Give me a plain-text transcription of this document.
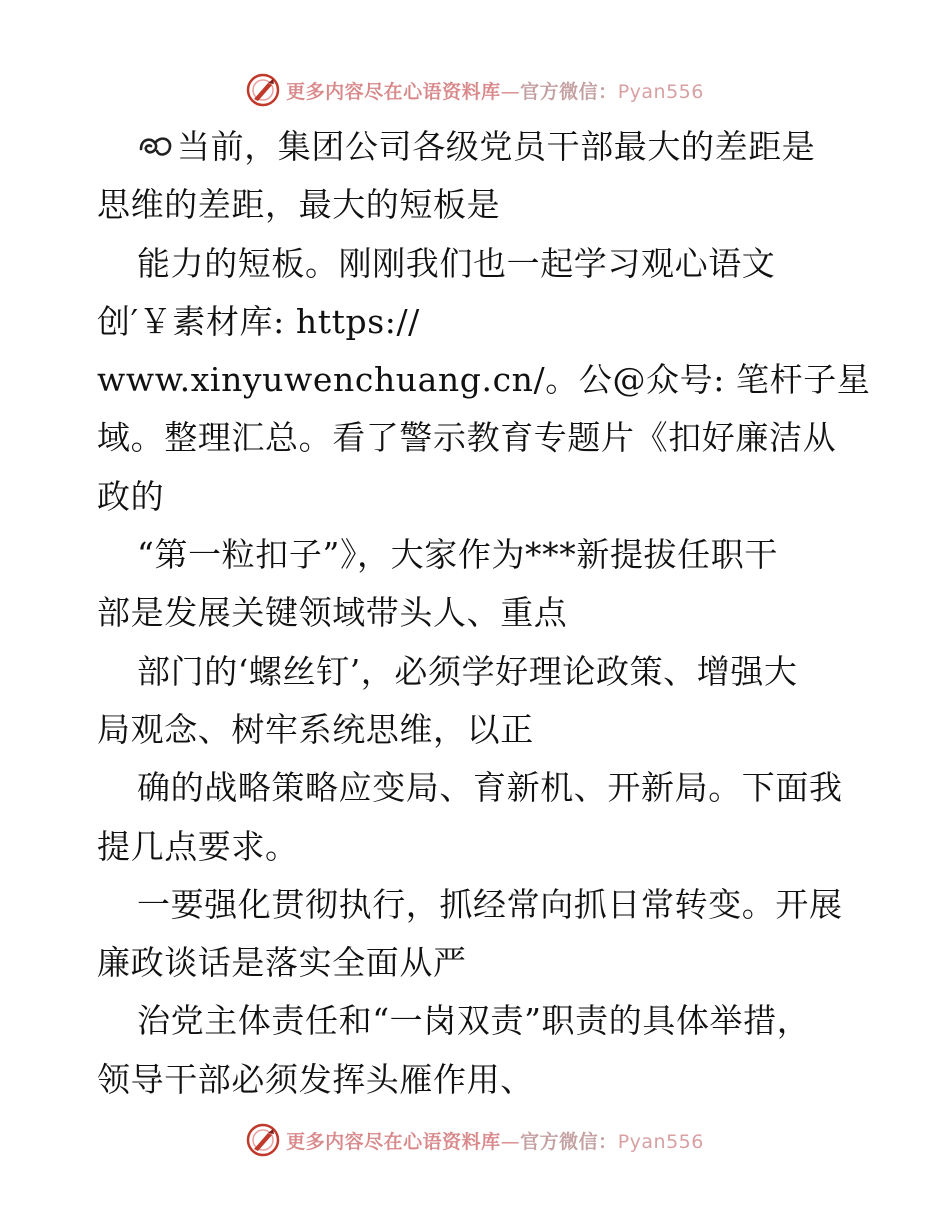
更多内容尽在心语资料库—官方微信：Pyan556
当前，集团公司各级党员干部最大的差距是
思维的差距，最大的短板是
能力的短板。刚刚我们也一起学习观心语文
创′￥素材库: https://
www.xinyuwenchuang.cn/。公@众号: 笔杆子星
域。整理汇总。看了警示教育专题片《扣好廉洁从
政的
“第一粒扣子”》，大家作为***新提拔任职干
部是发展关键领域带头人、重点
部门的‘螺丝钉’，必须学好理论政策、增强大
局观念、树牢系统思维，以正
确的战略策略应变局、育新机、开新局。下面我
提几点要求。
一要强化贯彻执行，抓经常向抓日常转变。开展
廉政谈话是落实全面从严
治党主体责任和“一岗双责”职责的具体举措，
领导干部必须发挥头雁作用、
更多内容尽在心语资料库—官方微信：Pyan556
